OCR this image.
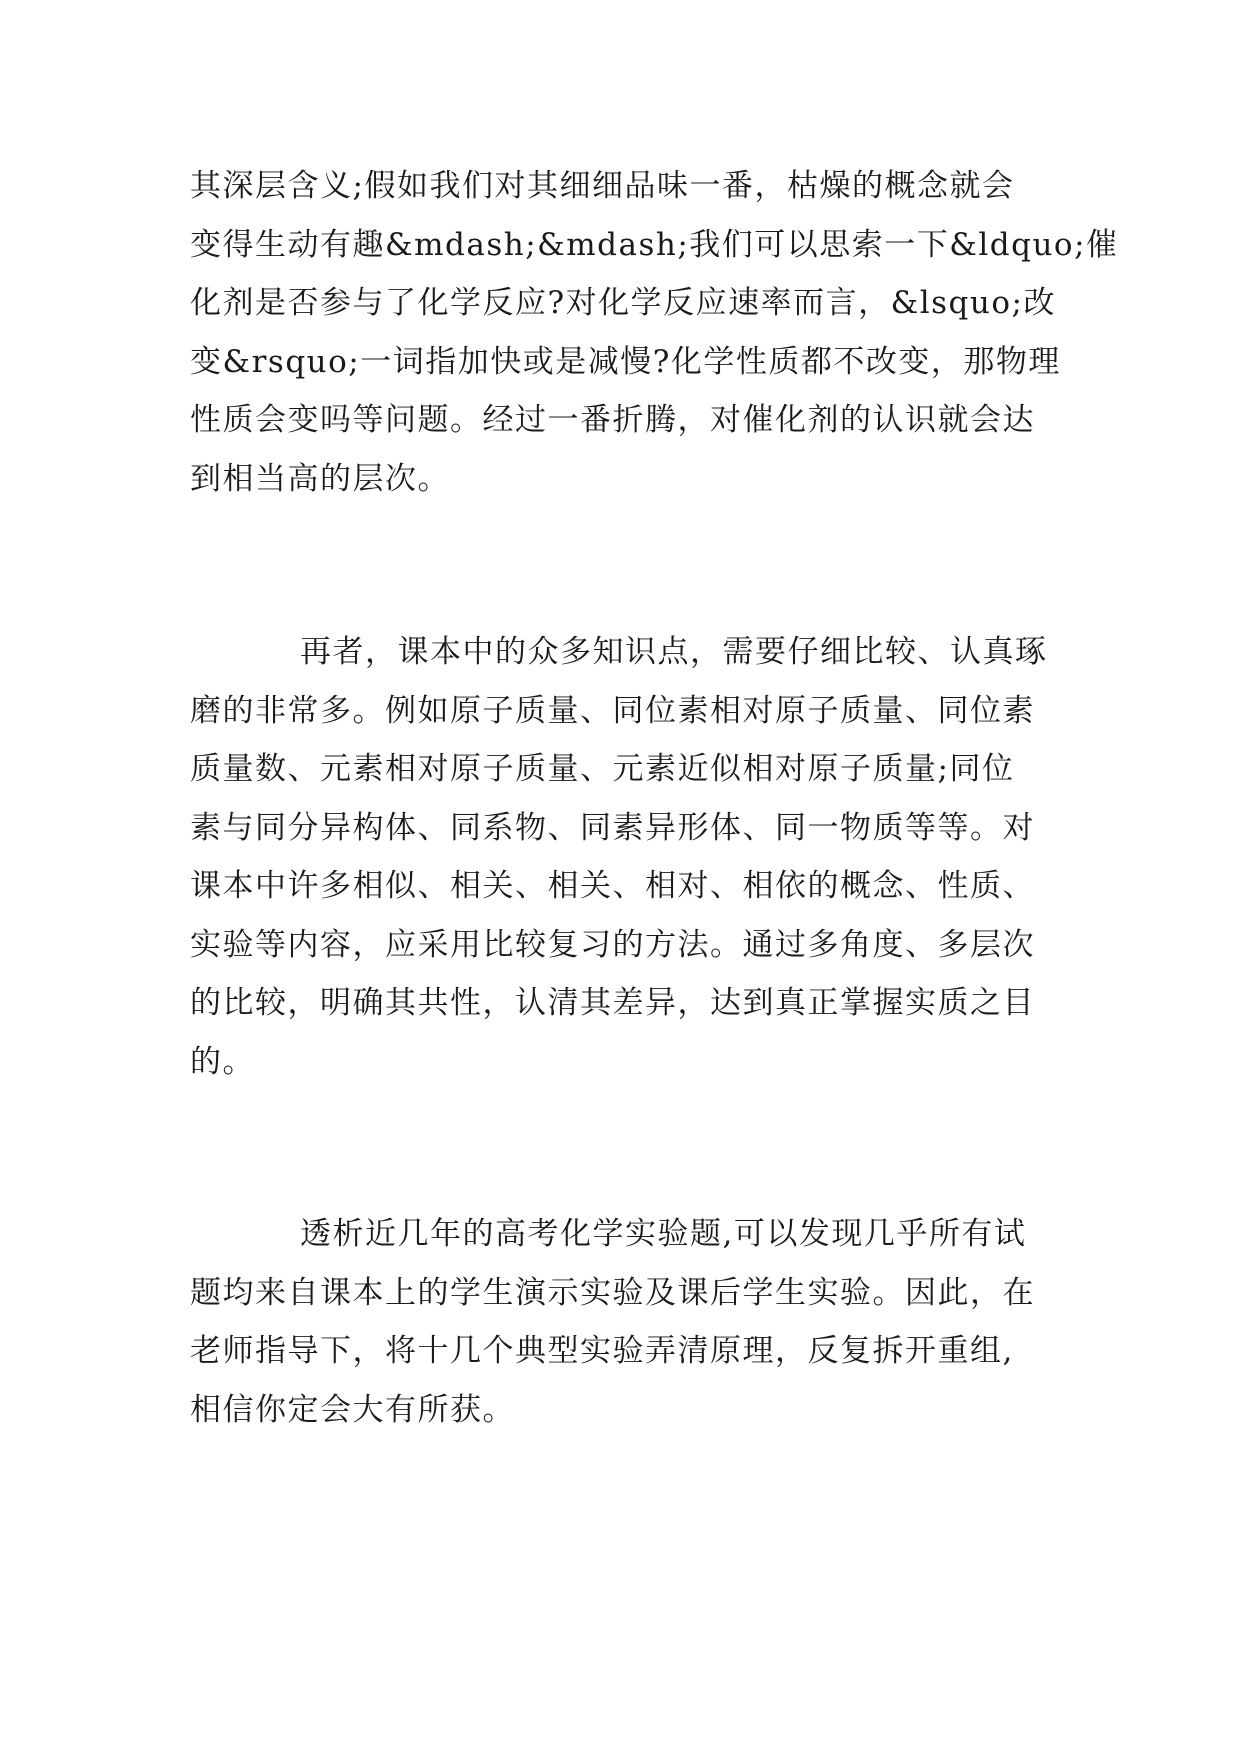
其深层含义;假如我们对其细细品味一番，枯燥的概念就会
变得生动有趣&mdash;&mdash;我们可以思索一下&ldquo;催
化剂是否参与了化学反应?对化学反应速率而言，&lsquo;改
变&rsquo;一词指加快或是减慢?化学性质都不改变，那物理
性质会变吗等问题。经过一番折腾，对催化剂的认识就会达
到相当高的层次。

再者，课本中的众多知识点，需要仔细比较、认真琢
磨的非常多。例如原子质量、同位素相对原子质量、同位素
质量数、元素相对原子质量、元素近似相对原子质量;同位
素与同分异构体、同系物、同素异形体、同一物质等等。对
课本中许多相似、相关、相关、相对、相依的概念、性质、
实验等内容，应采用比较复习的方法。通过多角度、多层次
的比较，明确其共性，认清其差异，达到真正掌握实质之目
的。

透析近几年的高考化学实验题,可以发现几乎所有试
题均来自课本上的学生演示实验及课后学生实验。因此，在
老师指导下，将十几个典型实验弄清原理，反复拆开重组,
相信你定会大有所获。
